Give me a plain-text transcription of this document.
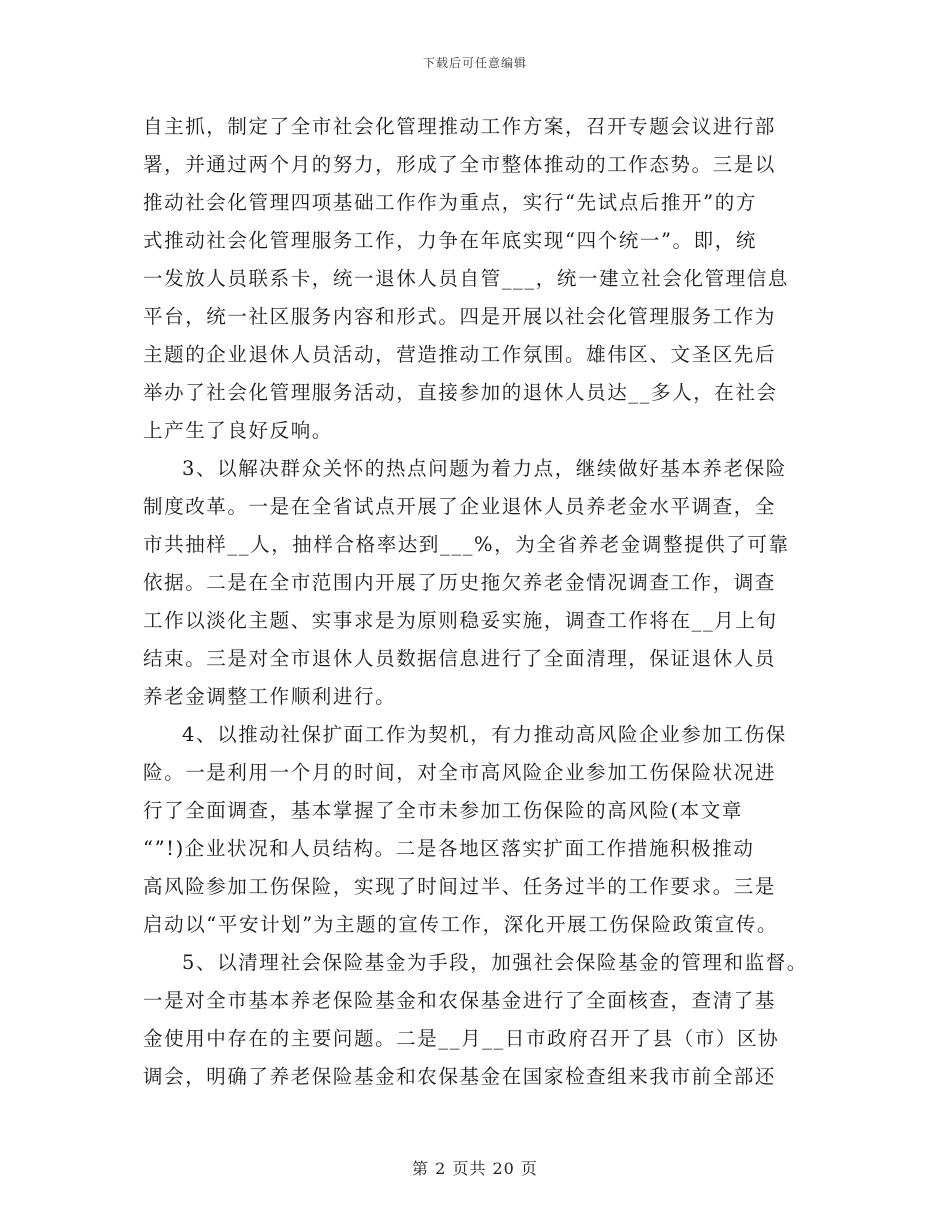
下载后可任意编辑
自主抓，制定了全市社会化管理推动工作方案，召开专题会议进行部
署，并通过两个月的努力，形成了全市整体推动的工作态势。三是以
推动社会化管理四项基础工作作为重点，实行“先试点后推开”的方
式推动社会化管理服务工作，力争在年底实现“四个统一”。即，统
一发放人员联系卡，统一退休人员自管___，统一建立社会化管理信息
平台，统一社区服务内容和形式。四是开展以社会化管理服务工作为
主题的企业退休人员活动，营造推动工作氛围。雄伟区、文圣区先后
举办了社会化管理服务活动，直接参加的退休人员达__多人，在社会
上产生了良好反响。
3、以解决群众关怀的热点问题为着力点，继续做好基本养老保险
制度改革。一是在全省试点开展了企业退休人员养老金水平调查，全
市共抽样__人，抽样合格率达到___%，为全省养老金调整提供了可靠
依据。二是在全市范围内开展了历史拖欠养老金情况调查工作，调查
工作以淡化主题、实事求是为原则稳妥实施，调查工作将在__月上旬
结束。三是对全市退休人员数据信息进行了全面清理，保证退休人员
养老金调整工作顺利进行。
4、以推动社保扩面工作为契机，有力推动高风险企业参加工伤保
险。一是利用一个月的时间，对全市高风险企业参加工伤保险状况进
行了全面调查，基本掌握了全市未参加工伤保险的高风险(本文章
“”!)企业状况和人员结构。二是各地区落实扩面工作措施积极推动
高风险参加工伤保险，实现了时间过半、任务过半的工作要求。三是
启动以“平安计划”为主题的宣传工作，深化开展工伤保险政策宣传。
5、以清理社会保险基金为手段，加强社会保险基金的管理和监督。
一是对全市基本养老保险基金和农保基金进行了全面核查，查清了基
金使用中存在的主要问题。二是__月__日市政府召开了县（市）区协
调会，明确了养老保险基金和农保基金在国家检查组来我市前全部还
第 2 页共 20 页
